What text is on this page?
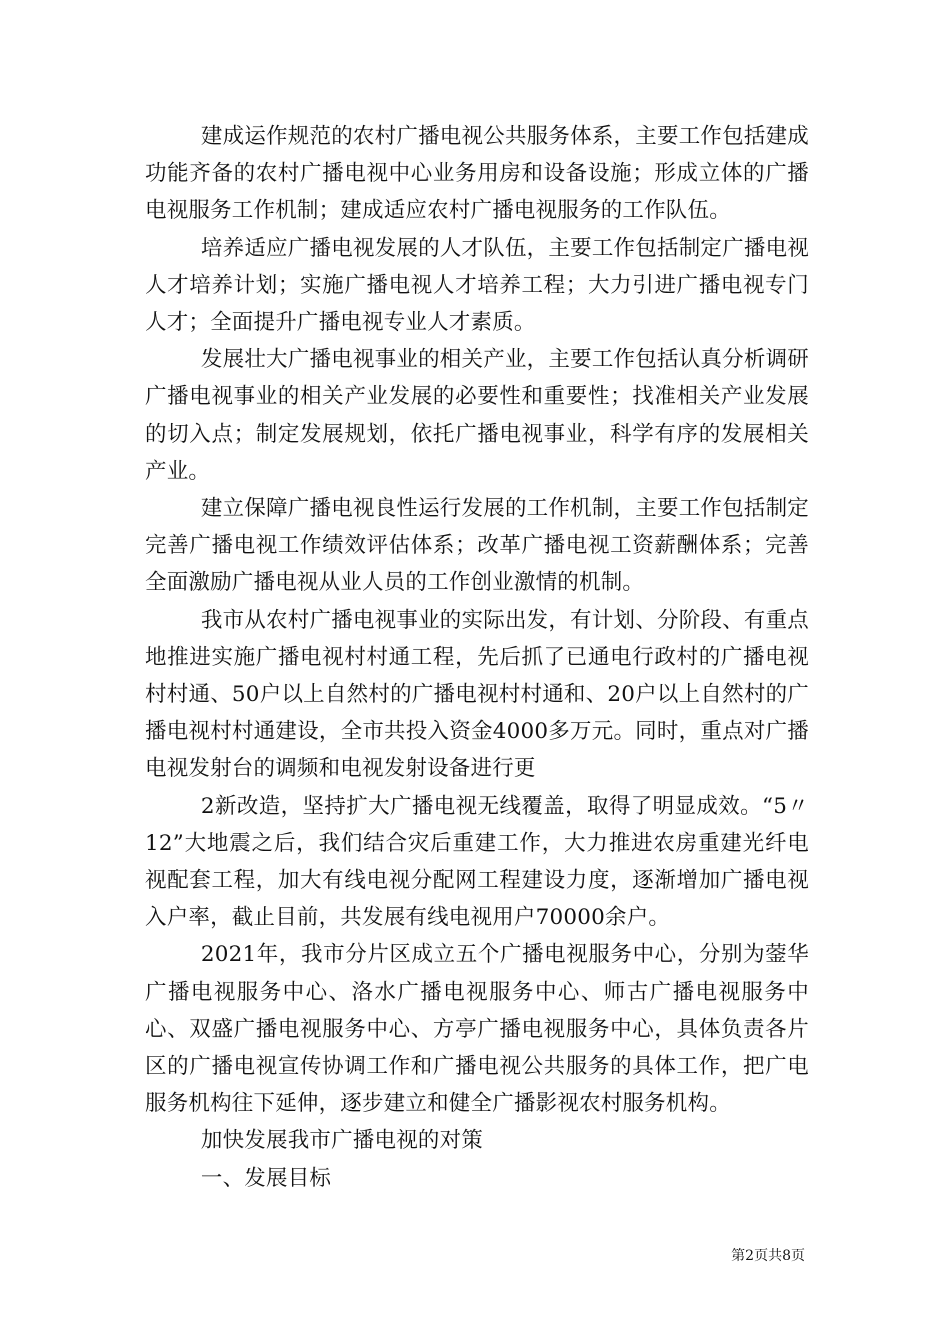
建成运作规范的农村广播电视公共服务体系，主要工作包括建成功能齐备的农村广播电视中心业务用房和设备设施；形成立体的广播电视服务工作机制；建成适应农村广播电视服务的工作队伍。

培养适应广播电视发展的人才队伍，主要工作包括制定广播电视人才培养计划；实施广播电视人才培养工程；大力引进广播电视专门人才；全面提升广播电视专业人才素质。

发展壮大广播电视事业的相关产业，主要工作包括认真分析调研广播电视事业的相关产业发展的必要性和重要性；找准相关产业发展的切入点；制定发展规划，依托广播电视事业，科学有序的发展相关产业。

建立保障广播电视良性运行发展的工作机制，主要工作包括制定完善广播电视工作绩效评估体系；改革广播电视工资薪酬体系；完善全面激励广播电视从业人员的工作创业激情的机制。

我市从农村广播电视事业的实际出发，有计划、分阶段、有重点地推进实施广播电视村村通工程，先后抓了已通电行政村的广播电视村村通、50户以上自然村的广播电视村村通和、20户以上自然村的广播电视村村通建设，全市共投入资金4000多万元。同时，重点对广播电视发射台的调频和电视发射设备进行更

2新改造，坚持扩大广播电视无线覆盖，取得了明显成效。“5〃12”大地震之后，我们结合灾后重建工作，大力推进农房重建光纤电视配套工程，加大有线电视分配网工程建设力度，逐渐增加广播电视入户率，截止目前，共发展有线电视用户70000余户。

2021年，我市分片区成立五个广播电视服务中心，分别为蓥华广播电视服务中心、洛水广播电视服务中心、师古广播电视服务中心、双盛广播电视服务中心、方亭广播电视服务中心，具体负责各片区的广播电视宣传协调工作和广播电视公共服务的具体工作，把广电服务机构往下延伸，逐步建立和健全广播影视农村服务机构。

加快发展我市广播电视的对策

一、发展目标

第2页共8页
